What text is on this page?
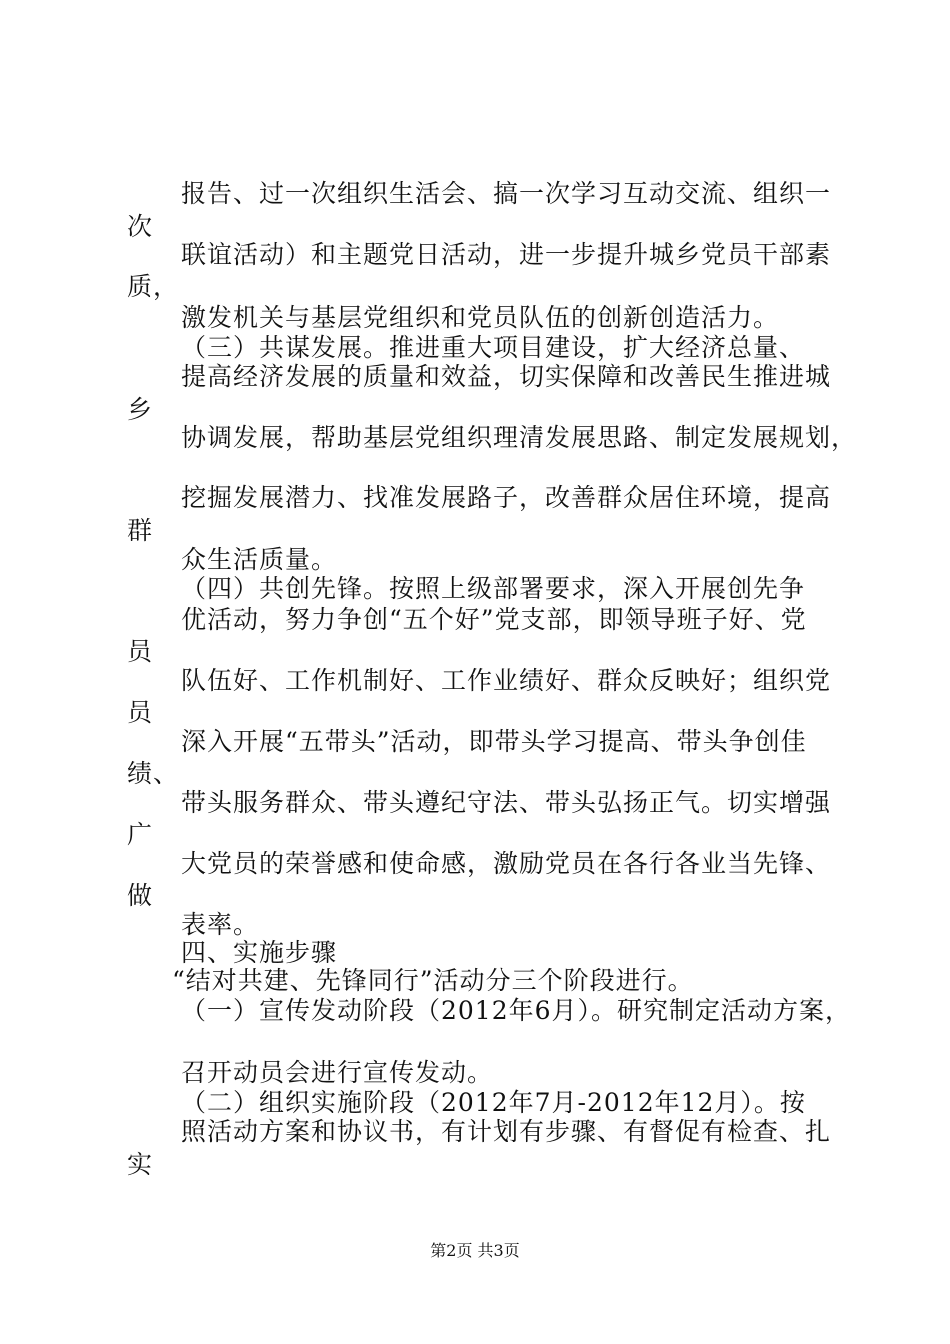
报告、过一次组织生活会、搞一次学习互动交流、组织一
次
联谊活动）和主题党日活动，进一步提升城乡党员干部素
质，
激发机关与基层党组织和党员队伍的创新创造活力。
（三）共谋发展。推进重大项目建设，扩大经济总量、
提高经济发展的质量和效益，切实保障和改善民生推进城
乡
协调发展，帮助基层党组织理清发展思路、制定发展规划，
挖掘发展潜力、找准发展路子，改善群众居住环境，提高
群
众生活质量。
（四）共创先锋。按照上级部署要求，深入开展创先争
优活动，努力争创“五个好”党支部，即领导班子好、党
员
队伍好、工作机制好、工作业绩好、群众反映好；组织党
员
深入开展“五带头”活动，即带头学习提高、带头争创佳
绩、
带头服务群众、带头遵纪守法、带头弘扬正气。切实增强
广
大党员的荣誉感和使命感，激励党员在各行各业当先锋、
做
表率。
四、实施步骤
“结对共建、先锋同行”活动分三个阶段进行。
（一）宣传发动阶段（2012年6月）。研究制定活动方案，
召开动员会进行宣传发动。
（二）组织实施阶段（2012年7月-2012年12月）。按
照活动方案和协议书，有计划有步骤、有督促有检查、扎
实
第2页 共3页
